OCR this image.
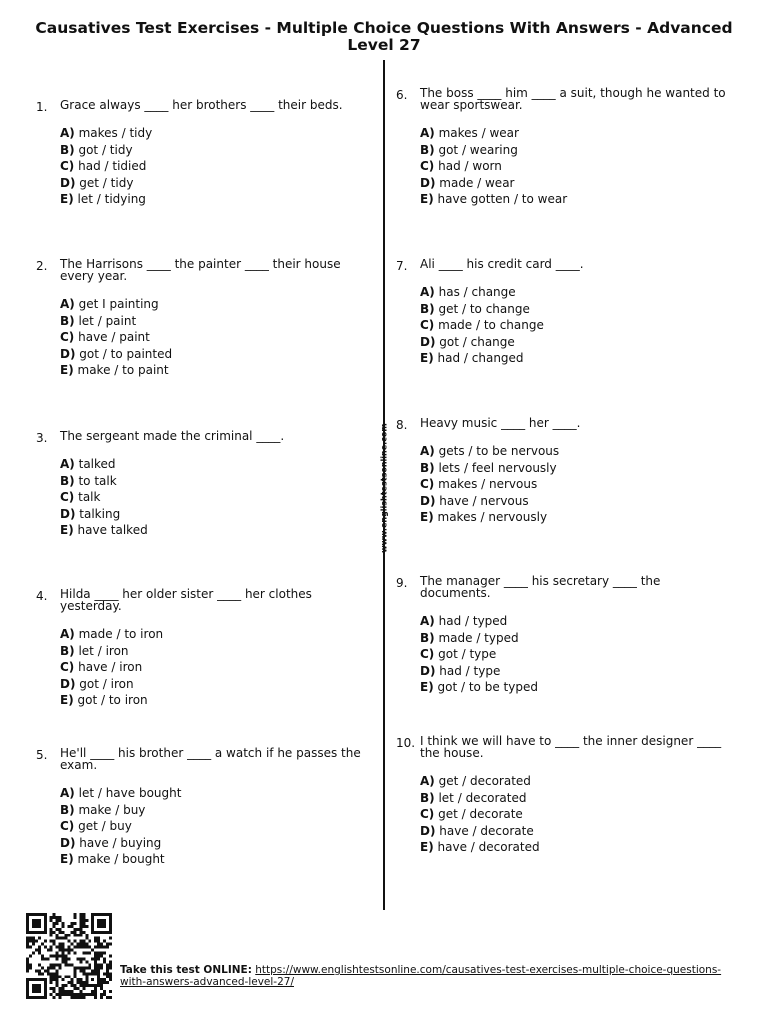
Causatives Test Exercises - Multiple Choice Questions With Answers - Advanced Level 27
www.englishtestsonline.com
1. Grace always ____ her brothers ____ their beds.
A) makes / tidy
B) got / tidy
C) had / tidied
D) get / tidy
E) let / tidying
2. The Harrisons ____ the painter ____ their house every year.
A) get I painting
B) let / paint
C) have / paint
D) got / to painted
E) make / to paint
3. The sergeant made the criminal ____.
A) talked
B) to talk
C) talk
D) talking
E) have talked
4. Hilda ____ her older sister ____ her clothes yesterday.
A) made / to iron
B) let / iron
C) have / iron
D) got / iron
E) got / to iron
5. He'll ____ his brother ____ a watch if he passes the exam.
A) let / have bought
B) make / buy
C) get / buy
D) have / buying
E) make / bought
6. The boss ____ him ____ a suit, though he wanted to wear sportswear.
A) makes / wear
B) got / wearing
C) had / worn
D) made / wear
E) have gotten / to wear
7. Ali ____ his credit card ____.
A) has / change
B) get / to change
C) made / to change
D) got / change
E) had / changed
8. Heavy music ____ her ____.
A) gets / to be nervous
B) lets / feel nervously
C) makes / nervous
D) have / nervous
E) makes / nervously
9. The manager ____ his secretary ____ the documents.
A) had / typed
B) made / typed
C) got / type
D) had / type
E) got / to be typed
10. I think we will have to ____ the inner designer ____ the house.
A) get / decorated
B) let / decorated
C) get / decorate
D) have / decorate
E) have / decorated
Take this test ONLINE: https://www.englishtestsonline.com/causatives-test-exercises-multiple-choice-questions-with-answers-advanced-level-27/
